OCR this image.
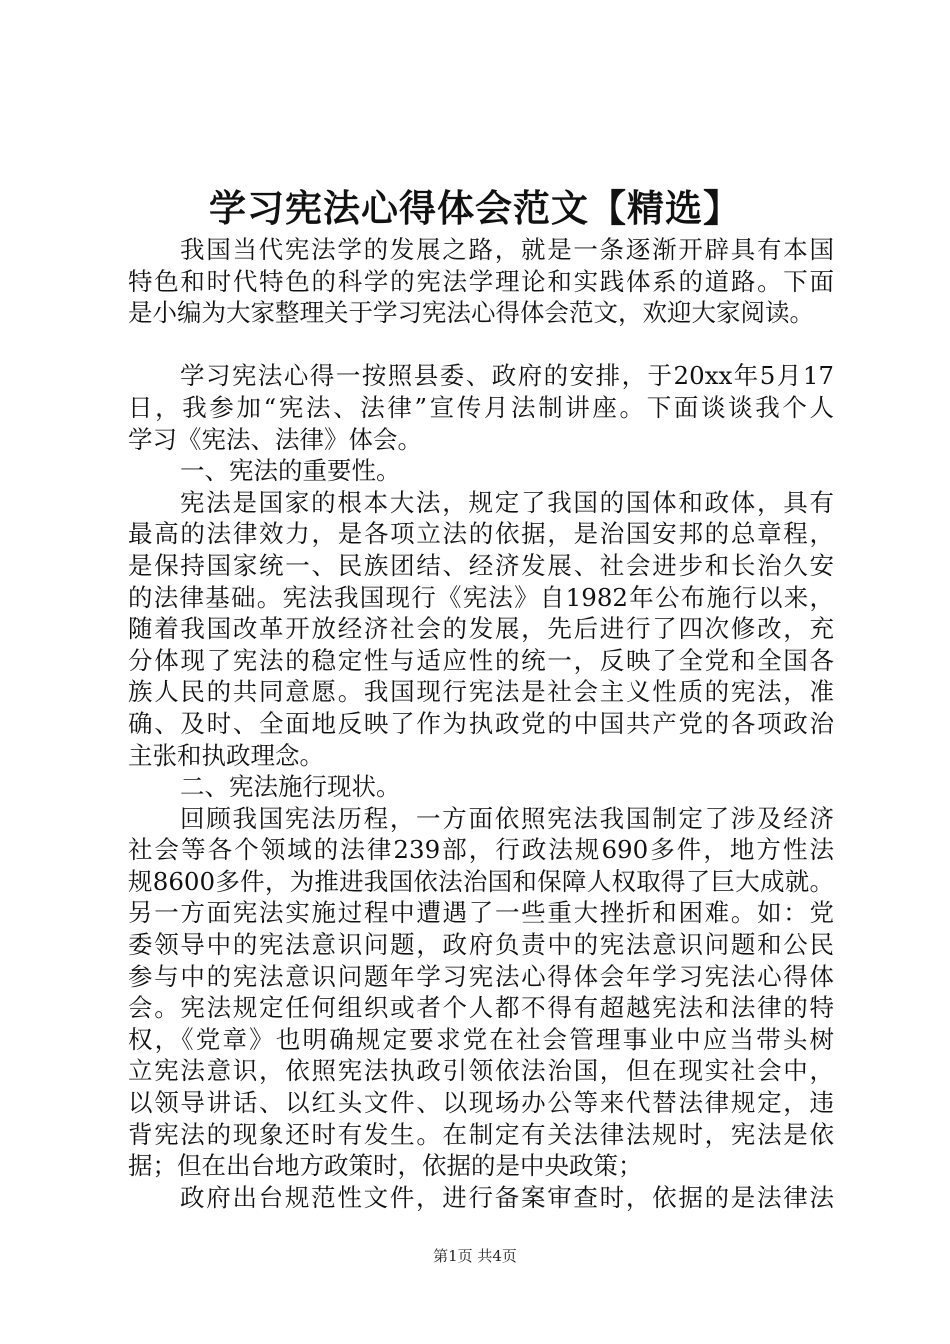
学习宪法心得体会范文【精选】
我国当代宪法学的发展之路，就是一条逐渐开辟具有本国
特色和时代特色的科学的宪法学理论和实践体系的道路。下面
是小编为大家整理关于学习宪法心得体会范文，欢迎大家阅读。
学习宪法心得一按照县委、政府的安排，于20xx年5月17
日，我参加“宪法、法律”宣传月法制讲座。下面谈谈我个人
学习《宪法、法律》体会。
一、宪法的重要性。
宪法是国家的根本大法，规定了我国的国体和政体，具有
最高的法律效力，是各项立法的依据，是治国安邦的总章程，
是保持国家统一、民族团结、经济发展、社会进步和长治久安
的法律基础。宪法我国现行《宪法》自1982年公布施行以来，
随着我国改革开放经济社会的发展，先后进行了四次修改，充
分体现了宪法的稳定性与适应性的统一，反映了全党和全国各
族人民的共同意愿。我国现行宪法是社会主义性质的宪法，准
确、及时、全面地反映了作为执政党的中国共产党的各项政治
主张和执政理念。
二、宪法施行现状。
回顾我国宪法历程，一方面依照宪法我国制定了涉及经济
社会等各个领域的法律239部，行政法规690多件，地方性法
规8600多件，为推进我国依法治国和保障人权取得了巨大成就。
另一方面宪法实施过程中遭遇了一些重大挫折和困难。如：党
委领导中的宪法意识问题，政府负责中的宪法意识问题和公民
参与中的宪法意识问题年学习宪法心得体会年学习宪法心得体
会。宪法规定任何组织或者个人都不得有超越宪法和法律的特
权，《党章》也明确规定要求党在社会管理事业中应当带头树
立宪法意识，依照宪法执政引领依法治国，但在现实社会中，
以领导讲话、以红头文件、以现场办公等来代替法律规定，违
背宪法的现象还时有发生。在制定有关法律法规时，宪法是依
据；但在出台地方政策时，依据的是中央政策；
政府出台规范性文件，进行备案审查时，依据的是法律法
第1页 共4页
